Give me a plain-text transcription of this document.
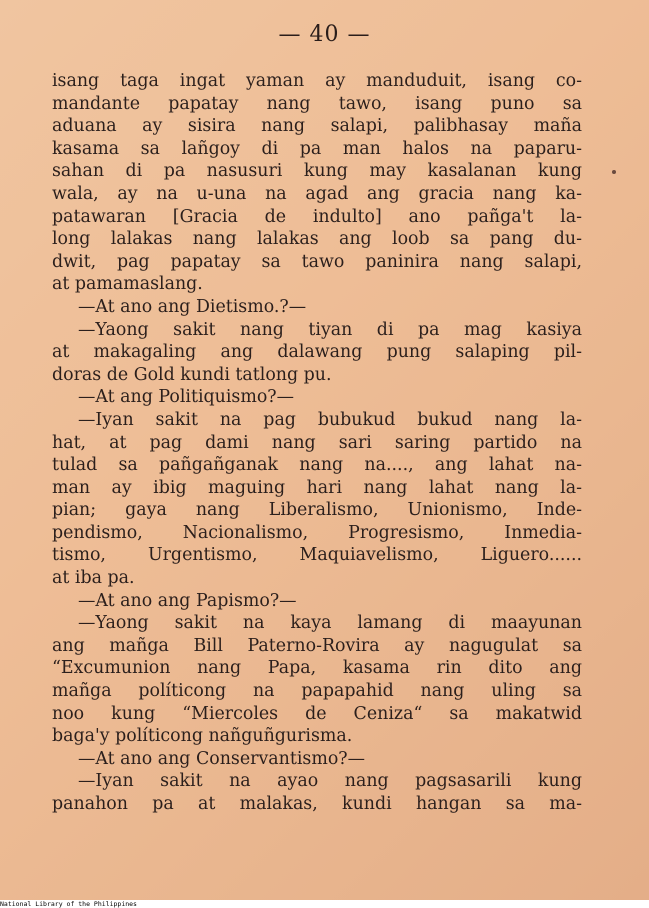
— 40 —
isang taga ingat yaman ay manduduit, isang co-
mandante papatay nang tawo, isang puno sa
aduana ay sisira nang salapi, palibhasay maña
kasama sa lañgoy di pa man halos na paparu-
sahan di pa nasusuri kung may kasalanan kung
wala, ay na u-una na agad ang gracia nang ka-
patawaran [Gracia de indulto] ano pañga't la-
long lalakas nang lalakas ang loob sa pang du-
dwit, pag papatay sa tawo paninira nang salapi,
at pamamaslang.
—At ano ang Dietismo.?—
—Yaong sakit nang tiyan di pa mag kasiya
at makagaling ang dalawang pung salaping pil-
doras de Gold kundi tatlong pu.
—At ang Politiquismo?—
—Iyan sakit na pag bubukud bukud nang la-
hat, at pag dami nang sari saring partido na
tulad sa pañgañganak nang na...., ang lahat na-
man ay ibig maguing hari nang lahat nang la-
pian; gaya nang Liberalismo, Unionismo, Inde-
pendismo, Nacionalismo, Progresismo, Inmedia-
tismo, Urgentismo, Maquiavelismo, Liguero......
at iba pa.
—At ano ang Papismo?—
—Yaong sakit na kaya lamang di maayunan
ang mañga Bill Paterno-Rovira ay nagugulat sa
“Excumunion nang Papa, kasama rin dito ang
mañga políticong na papapahid nang uling sa
noo kung “Miercoles de Ceniza“ sa makatwid
baga'y políticong nañguñgurisma.
—At ano ang Conservantismo?—
—Iyan sakit na ayao nang pagsasarili kung
panahon pa at malakas, kundi hangan sa ma-
National Library of the Philippines
